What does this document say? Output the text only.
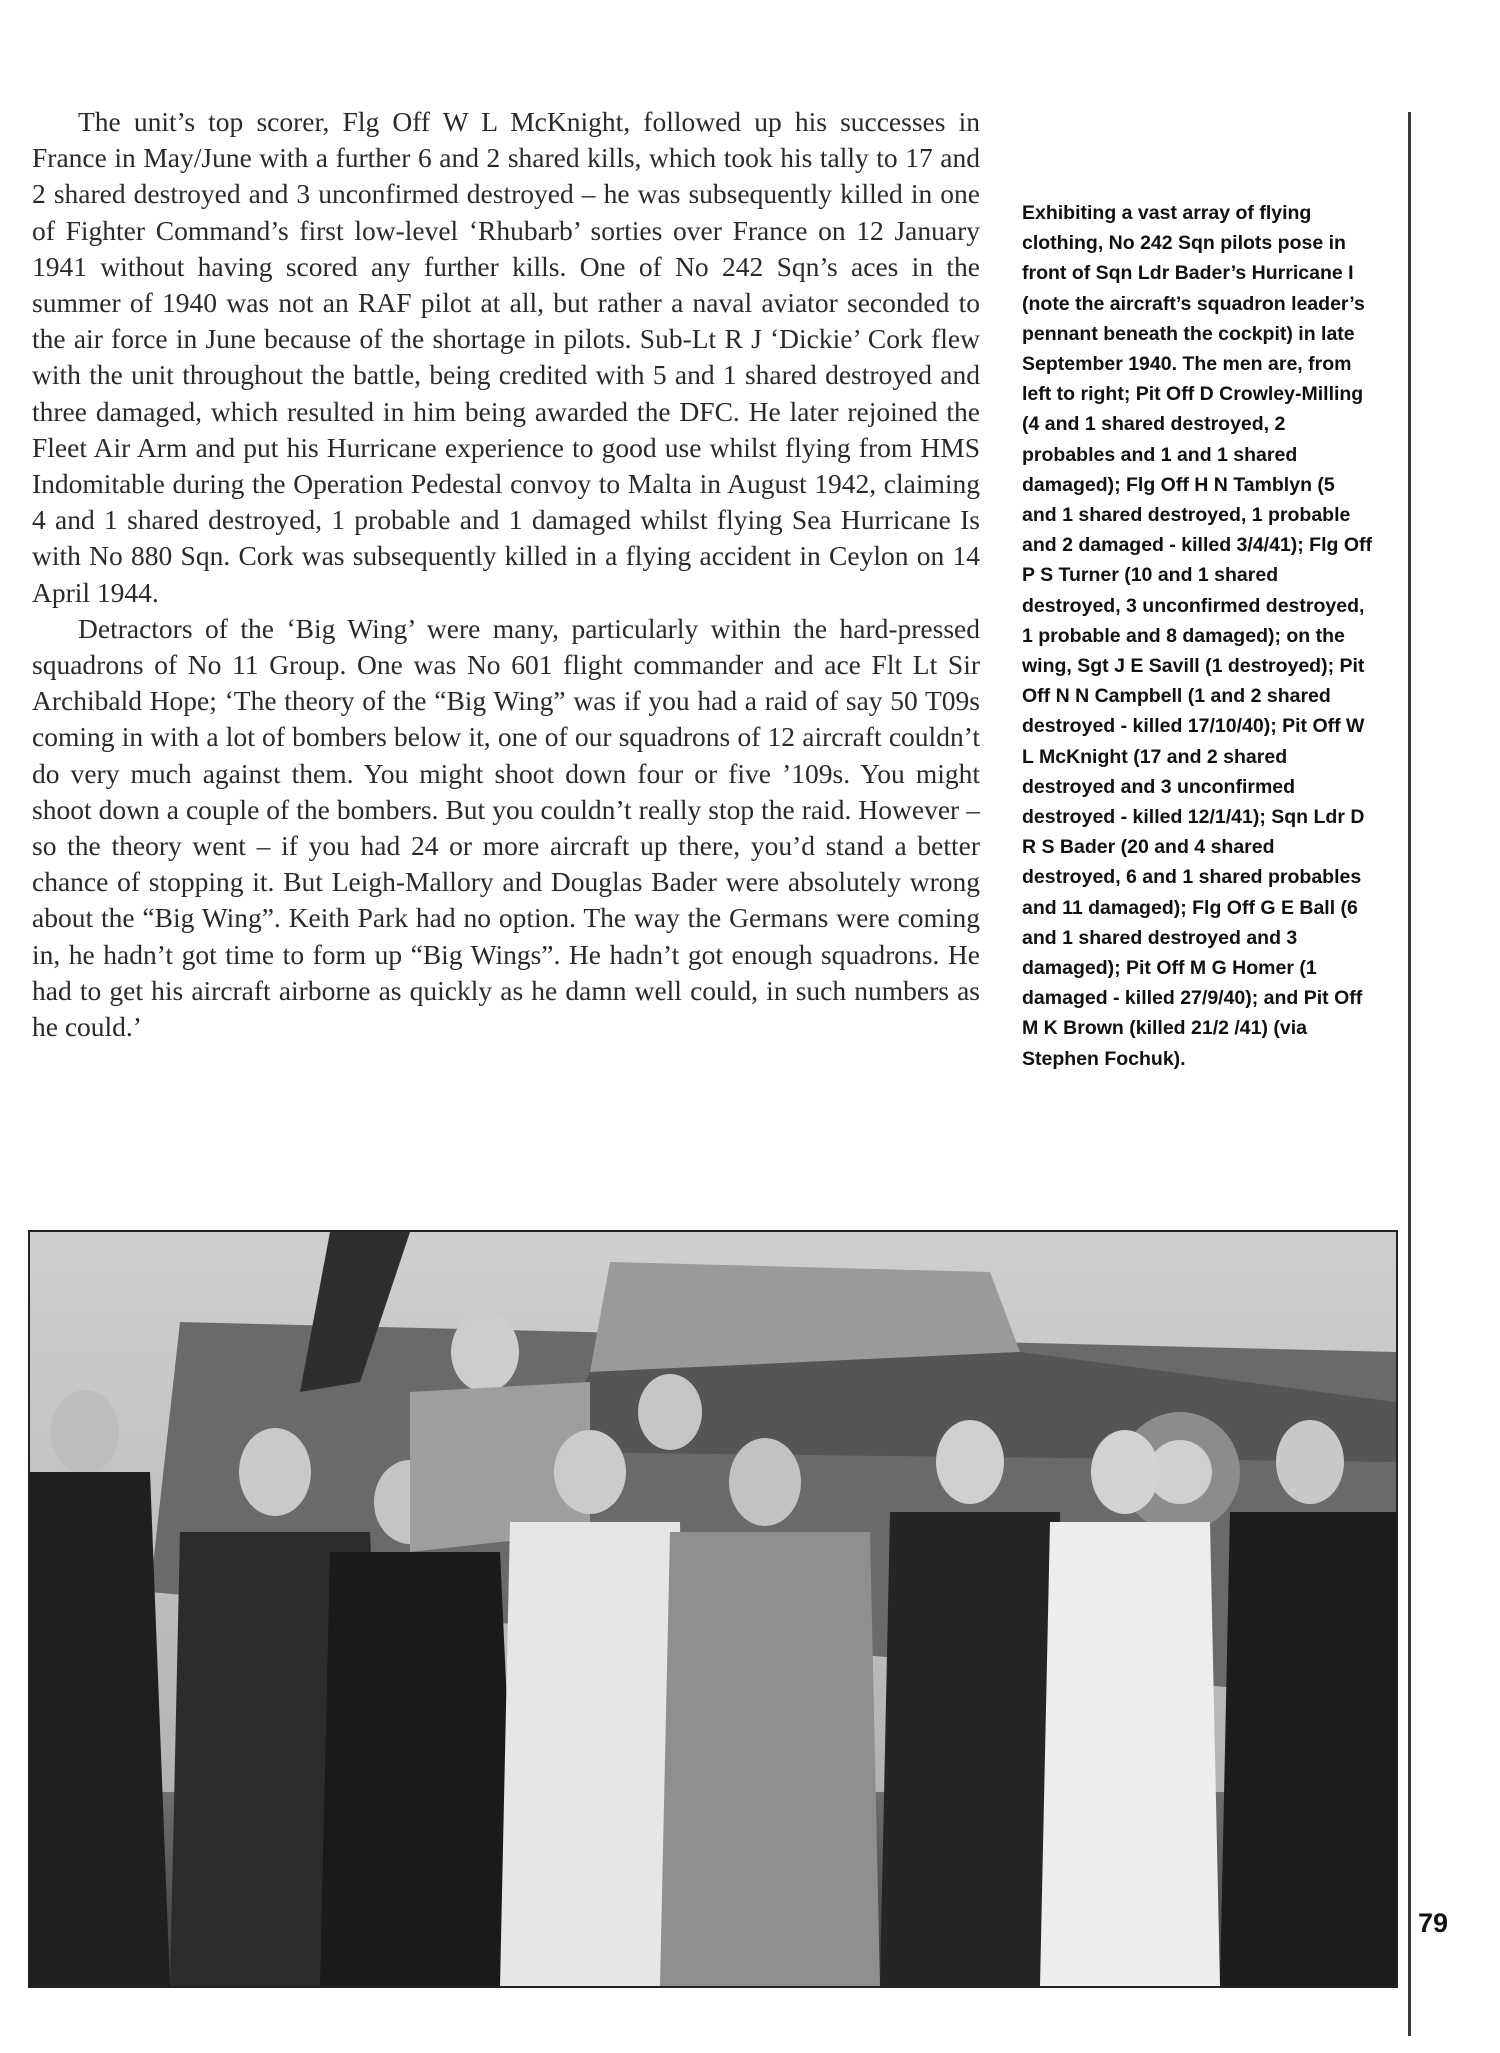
The unit’s top scorer, Flg Off W L McKnight, followed up his successes in France in May/June with a further 6 and 2 shared kills, which took his tally to 17 and 2 shared destroyed and 3 unconfirmed destroyed – he was subsequently killed in one of Fighter Command’s first low-level ‘Rhubarb’ sorties over France on 12 January 1941 without having scored any further kills. One of No 242 Sqn’s aces in the summer of 1940 was not an RAF pilot at all, but rather a naval aviator seconded to the air force in June because of the shortage in pilots. Sub-Lt R J ‘Dickie’ Cork flew with the unit throughout the battle, being credited with 5 and 1 shared destroyed and three damaged, which resulted in him being awarded the DFC. He later rejoined the Fleet Air Arm and put his Hurricane experience to good use whilst flying from HMS Indomitable during the Operation Pedestal convoy to Malta in August 1942, claiming 4 and 1 shared destroyed, 1 probable and 1 damaged whilst flying Sea Hurricane Is with No 880 Sqn. Cork was subsequently killed in a flying accident in Ceylon on 14 April 1944.

Detractors of the ‘Big Wing’ were many, particularly within the hard-pressed squadrons of No 11 Group. One was No 601 flight commander and ace Flt Lt Sir Archibald Hope; ‘The theory of the “Big Wing” was if you had a raid of say 50 T09s coming in with a lot of bombers below it, one of our squadrons of 12 aircraft couldn’t do very much against them. You might shoot down four or five ’109s. You might shoot down a couple of the bombers. But you couldn’t really stop the raid. However – so the theory went – if you had 24 or more aircraft up there, you’d stand a better chance of stopping it. But Leigh-Mallory and Douglas Bader were absolutely wrong about the “Big Wing”. Keith Park had no option. The way the Germans were coming in, he hadn’t got time to form up “Big Wings”. He hadn’t got enough squadrons. He had to get his aircraft airborne as quickly as he damn well could, in such numbers as he could.’

Exhibiting a vast array of flying clothing, No 242 Sqn pilots pose in front of Sqn Ldr Bader’s Hurricane I (note the aircraft’s squadron leader’s pennant beneath the cockpit) in late September 1940. The men are, from left to right; Pit Off D Crowley-Milling (4 and 1 shared destroyed, 2 probables and 1 and 1 shared damaged); Flg Off H N Tamblyn (5 and 1 shared destroyed, 1 probable and 2 damaged - killed 3/4/41); Flg Off P S Turner (10 and 1 shared destroyed, 3 unconfirmed destroyed, 1 probable and 8 damaged); on the wing, Sgt J E Savill (1 destroyed); Pit Off N N Campbell (1 and 2 shared destroyed - killed 17/10/40); Pit Off W L McKnight (17 and 2 shared destroyed and 3 unconfirmed destroyed - killed 12/1/41); Sqn Ldr D R S Bader (20 and 4 shared destroyed, 6 and 1 shared probables and 11 damaged); Flg Off G E Ball (6 and 1 shared destroyed and 3 damaged); Pit Off M G Homer (1 damaged - killed 27/9/40); and Pit Off M K Brown (killed 21/2 /41) (via Stephen Fochuk).
79
